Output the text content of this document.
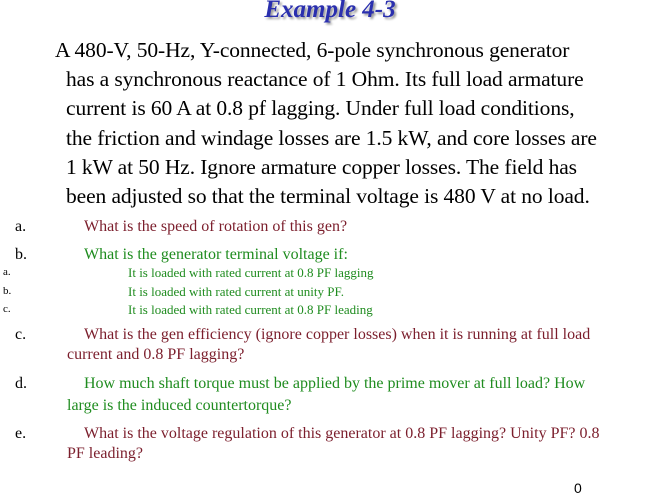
Example 4-3
A 480-V, 50-Hz, Y-connected, 6-pole synchronous generator
has a synchronous reactance of 1 Ohm. Its full load armature
current is 60 A at 0.8 pf lagging. Under full load conditions,
the friction and windage losses are 1.5 kW, and core losses are
1 kW at 50 Hz. Ignore armature copper losses. The field has
been adjusted so that the terminal voltage is 480 V at no load.
a.	What is the speed of rotation of this gen?
b.	What is the generator terminal voltage if:
a.	It is loaded with rated current at 0.8 PF lagging
b.	It is loaded with rated current at unity PF.
c.	It is loaded with rated current at 0.8 PF leading
c.	What is the gen efficiency (ignore copper losses) when it is running at full load
current and 0.8 PF lagging?
d.	How much shaft torque must be applied by the prime mover at full load? How
large is the induced countertorque?
e.	What is the voltage regulation of this generator at 0.8 PF lagging? Unity PF? 0.8
PF leading?
0
